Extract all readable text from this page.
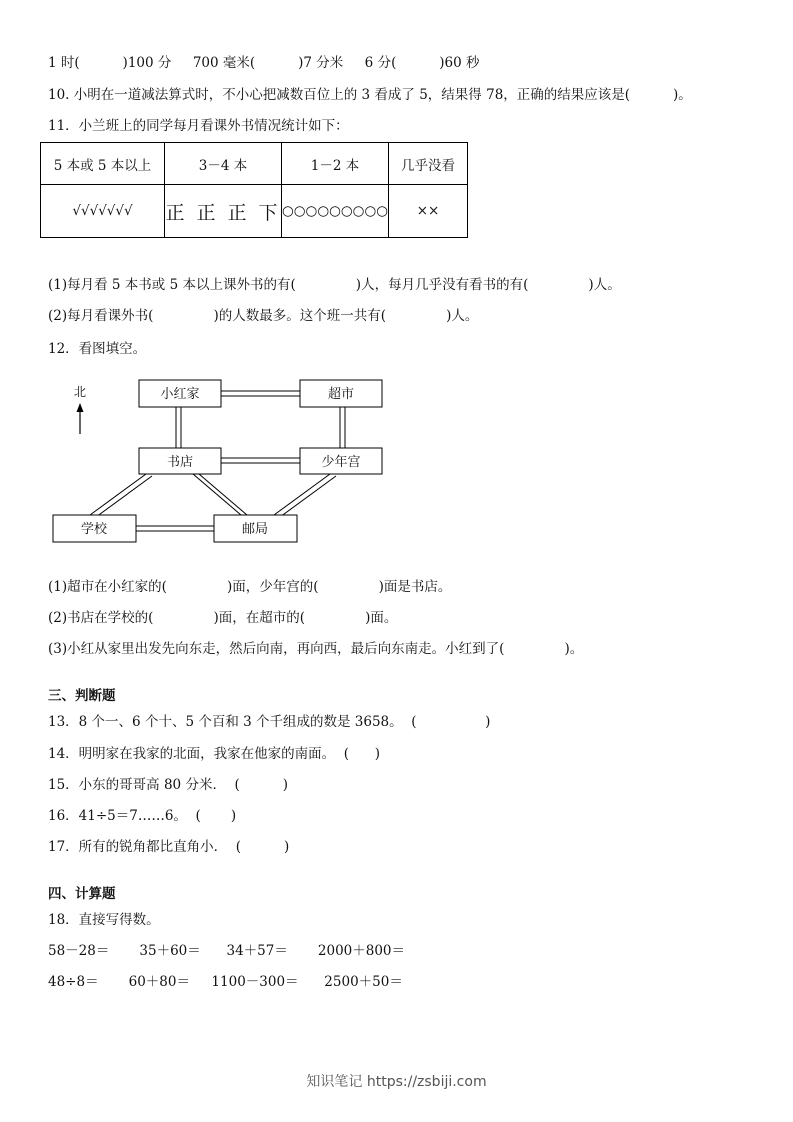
1 时(          )100 分     700 毫米(          )7 分米     6 分(          )60 秒
10. 小明在一道减法算式时，不小心把减数百位上的 3 看成了 5，结果得 78，正确的结果应该是(          )。
11．小兰班上的同学每月看课外书情况统计如下：
5 本或 5 本以上	3－4 本	1－2 本	几乎没看
√√√√√√√	正 正 正 下	○○○○○○○○○	××
(1)每月看 5 本书或 5 本以上课外书的有(              )人，每月几乎没有看书的有(              )人。
(2)每月看课外书(              )的人数最多。这个班一共有(              )人。
12．看图填空。
小红家	超市
书店	少年宫
学校	邮局
北
(1)超市在小红家的(              )面，少年宫的(              )面是书店。
(2)书店在学校的(              )面，在超市的(              )面。
(3)小红从家里出发先向东走，然后向南，再向西，最后向东南走。小红到了(              )。
三、判断题
13．8 个一、6 个十、5 个百和 3 个千组成的数是 3658。  (                )
14．明明家在我家的北面，我家在他家的南面。  (      )
15．小东的哥哥高 80 分米．  (          )
16．41÷5＝7……6。  (       )
17．所有的锐角都比直角小．  (          )
四、计算题
18．直接写得数。
58－28＝       35＋60＝      34＋57＝       2000＋800＝
48÷8＝       60＋80＝     1100－300＝      2500＋50＝
知识笔记 https://zsbiji.com
